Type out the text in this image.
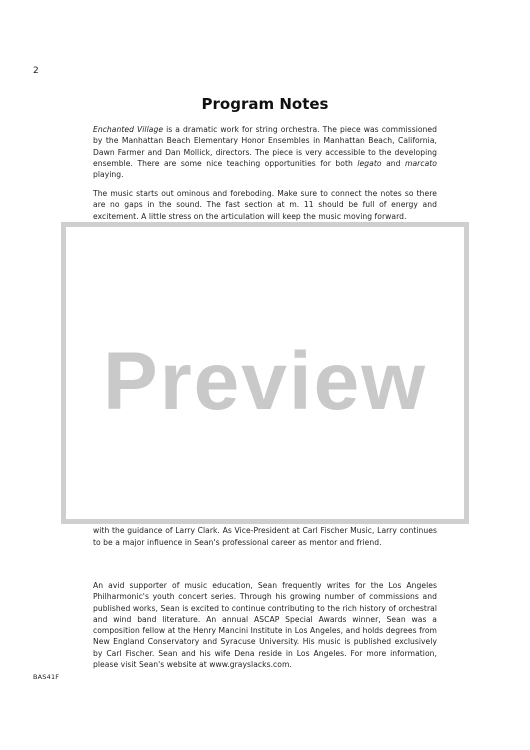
2
Program Notes

Enchanted Village is a dramatic work for string orchestra. The piece was commissioned by the Manhattan Beach Elementary Honor Ensembles in Manhattan Beach, California, Dawn Farmer and Dan Mollick, directors. The piece is very accessible to the developing ensemble. There are some nice teaching opportunities for both legato and marcato playing.

The music starts out ominous and foreboding. Make sure to connect the notes so there are no gaps in the sound. The fast section at m. 11 should be full of energy and excitement. A little stress on the articulation will keep the music moving forward.

with the guidance of Larry Clark. As Vice-President at Carl Fischer Music, Larry continues to be a major influence in Sean's professional career as mentor and friend.

An avid supporter of music education, Sean frequently writes for the Los Angeles Philharmonic's youth concert series. Through his growing number of commissions and published works, Sean is excited to continue contributing to the rich history of orchestral and wind band literature. An annual ASCAP Special Awards winner, Sean was a composition fellow at the Henry Mancini Institute in Los Angeles, and holds degrees from New England Conservatory and Syracuse University. His music is published exclusively by Carl Fischer. Sean and his wife Dena reside in Los Angeles. For more information, please visit Sean's website at www.grayslacks.com.

Preview
BAS41F
